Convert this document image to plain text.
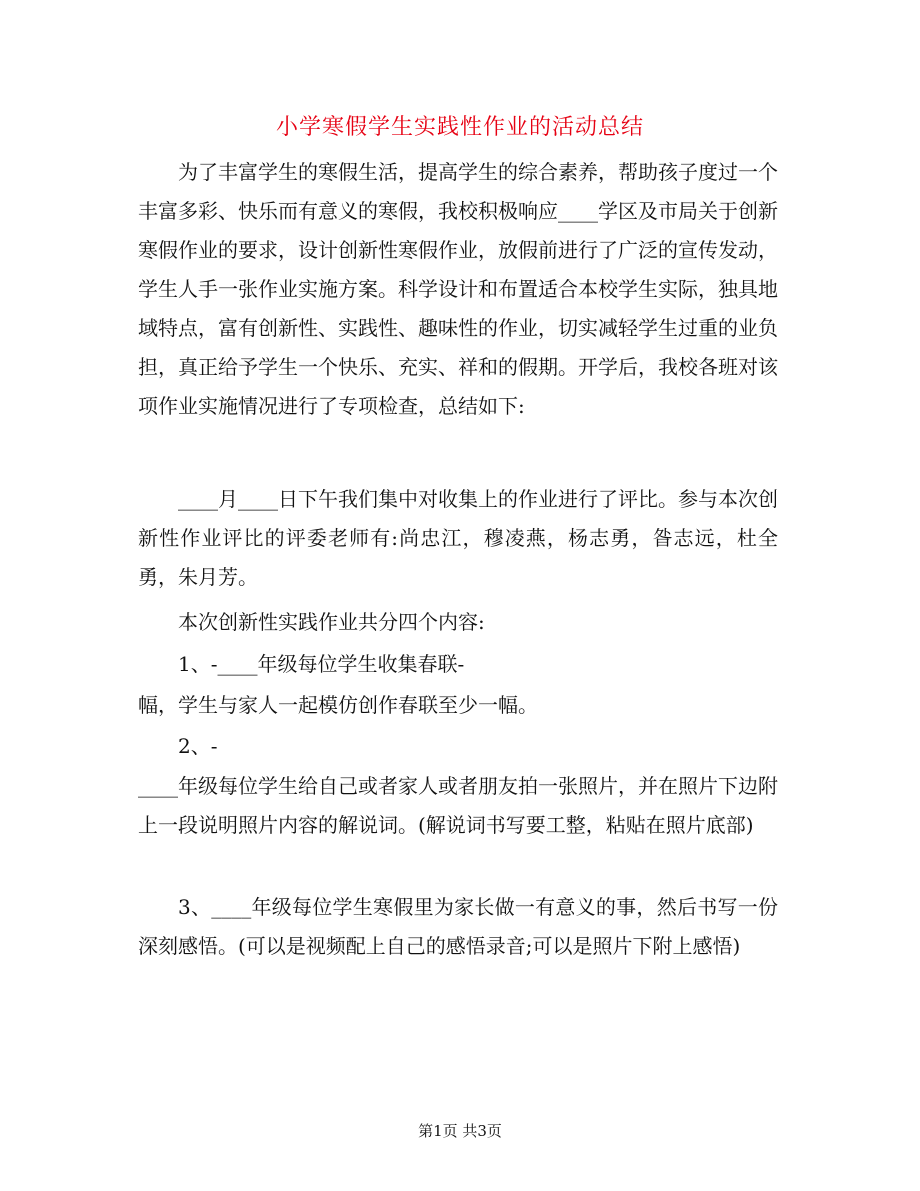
小学寒假学生实践性作业的活动总结

为了丰富学生的寒假生活，提高学生的综合素养，帮助孩子度过一个丰富多彩、快乐而有意义的寒假，我校积极响应____学区及市局关于创新寒假作业的要求，设计创新性寒假作业，放假前进行了广泛的宣传发动，学生人手一张作业实施方案。科学设计和布置适合本校学生实际，独具地域特点，富有创新性、实践性、趣味性的作业，切实减轻学生过重的业负担，真正给予学生一个快乐、充实、祥和的假期。开学后，我校各班对该项作业实施情况进行了专项检查，总结如下:

____月____日下午我们集中对收集上的作业进行了评比。参与本次创新性作业评比的评委老师有:尚忠江，穆凌燕，杨志勇，昝志远，杜全勇，朱月芳。

本次创新性实践作业共分四个内容:

1、-____年级每位学生收集春联-

幅，学生与家人一起模仿创作春联至少一幅。

2、-

____年级每位学生给自己或者家人或者朋友拍一张照片，并在照片下边附上一段说明照片内容的解说词。(解说词书写要工整，粘贴在照片底部)

3、____年级每位学生寒假里为家长做一有意义的事，然后书写一份深刻感悟。(可以是视频配上自己的感悟录音;可以是照片下附上感悟)

第1页 共3页
